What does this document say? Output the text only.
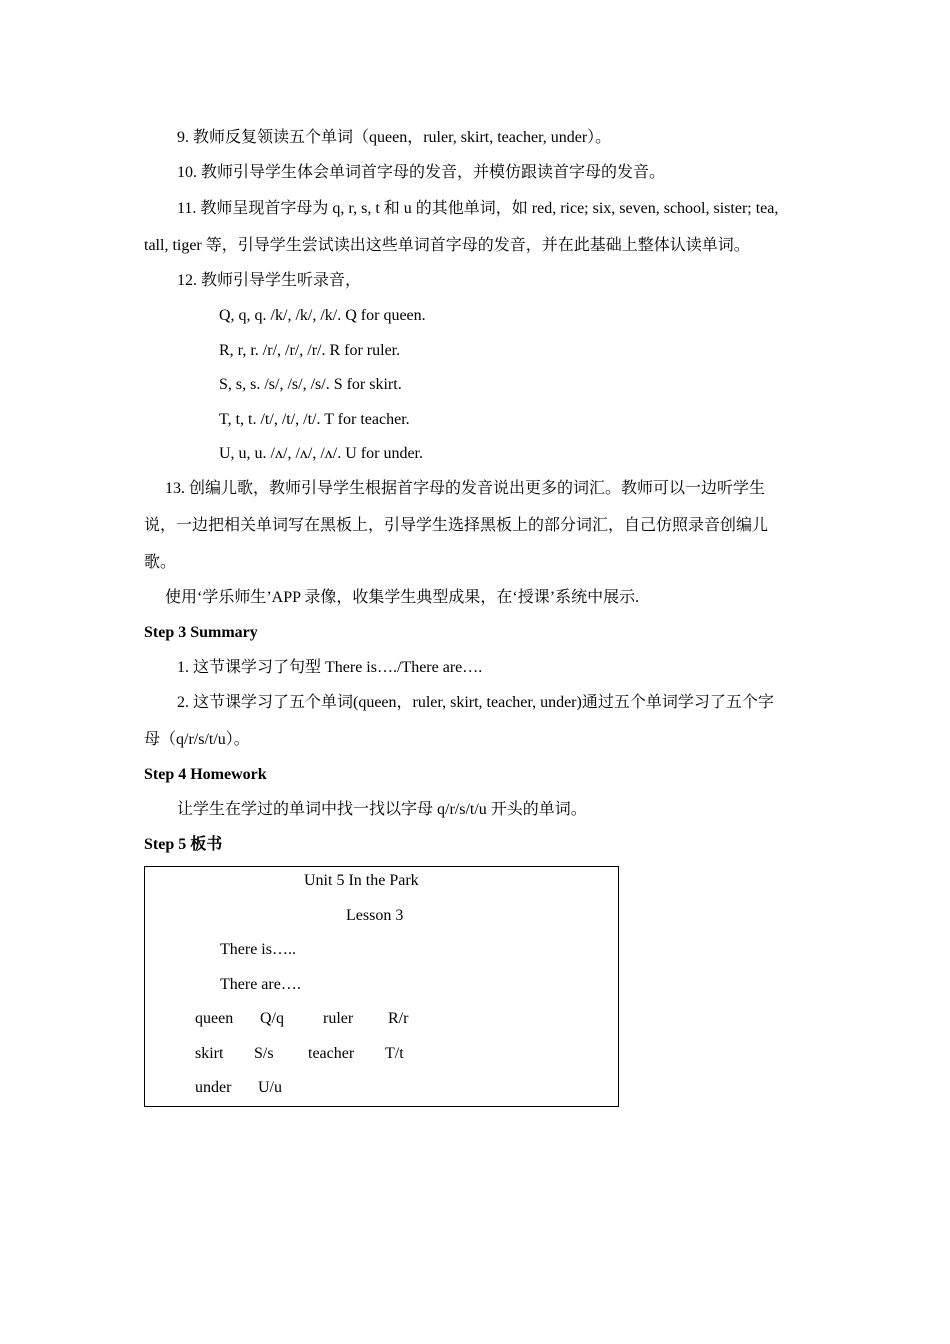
9. 教师反复领读五个单词（queen，ruler, skirt, teacher, under）。
10. 教师引导学生体会单词首字母的发音，并模仿跟读首字母的发音。
11. 教师呈现首字母为 q, r, s, t 和 u 的其他单词，如 red, rice; six, seven, school, sister; tea,
tall, tiger 等，引导学生尝试读出这些单词首字母的发音，并在此基础上整体认读单词。
12. 教师引导学生听录音，
Q, q, q. /k/, /k/, /k/. Q for queen.
R, r, r. /r/, /r/, /r/. R for ruler.
S, s, s. /s/, /s/, /s/. S for skirt.
T, t, t. /t/, /t/, /t/. T for teacher.
U, u, u. /ʌ/, /ʌ/, /ʌ/. U for under.
13. 创编儿歌，教师引导学生根据首字母的发音说出更多的词汇。教师可以一边听学生
说，一边把相关单词写在黑板上，引导学生选择黑板上的部分词汇，自己仿照录音创编儿
歌。
使用‘学乐师生’APP 录像，收集学生典型成果，在‘授课’系统中展示.
Step 3 Summary
1. 这节课学习了句型 There is…./There are….
2. 这节课学习了五个单词(queen，ruler, skirt, teacher, under)通过五个单词学习了五个字
母（q/r/s/t/u）。
Step 4 Homework
让学生在学过的单词中找一找以字母 q/r/s/t/u 开头的单词。
Step 5 板书
Unit 5 In the Park
Lesson 3
There is…..
There are….
queen Q/q ruler R/r
skirt S/s teacher T/t
under U/u
